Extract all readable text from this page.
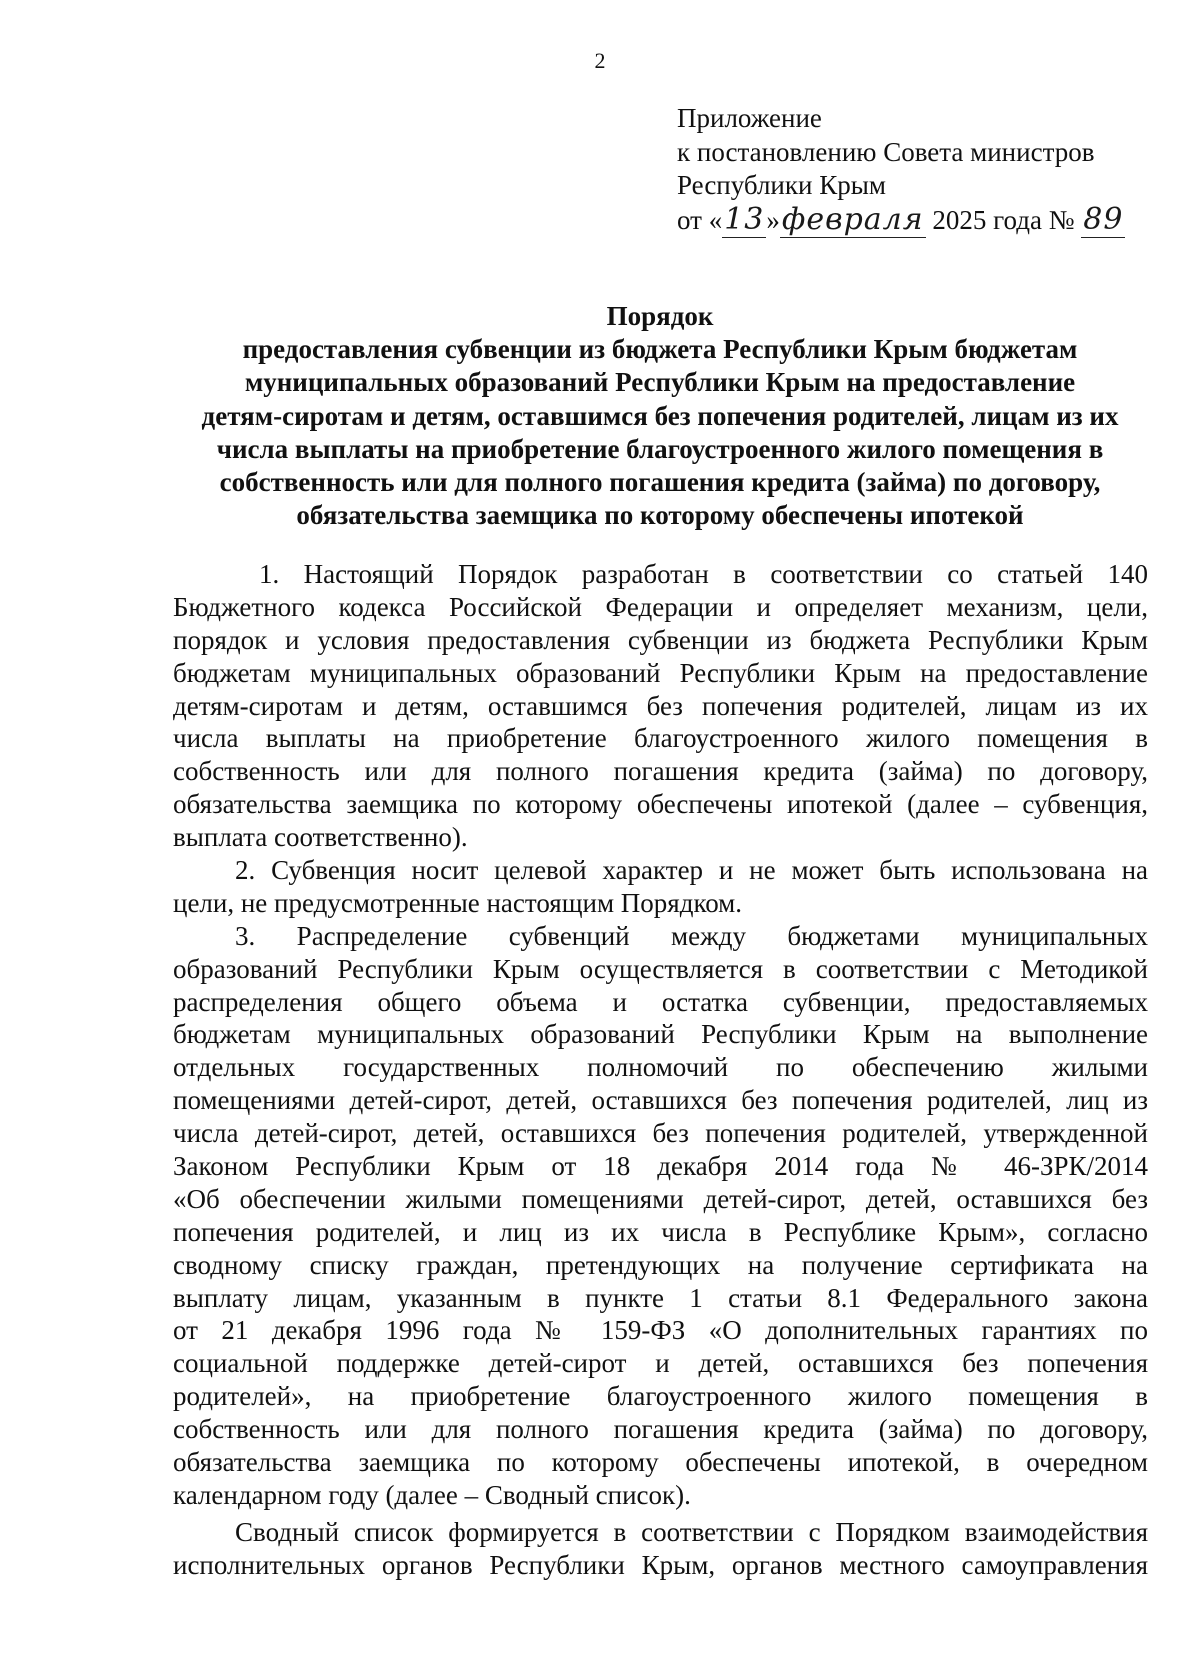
2
Приложение
к постановлению Совета министров
Республики Крым
от «13»февраля 2025 года № 89
Порядок
предоставления субвенции из бюджета Республики Крым бюджетам
муниципальных образований Республики Крым на предоставление
детям-сиротам и детям, оставшимся без попечения родителей, лицам из их
числа выплаты на приобретение благоустроенного жилого помещения в
собственность или для полного погашения кредита (займа) по договору,
обязательства заемщика по которому обеспечены ипотекой
1. Настоящий Порядок разработан в соответствии со статьей 140
Бюджетного кодекса Российской Федерации и определяет механизм, цели,
порядок и условия предоставления субвенции из бюджета Республики Крым
бюджетам муниципальных образований Республики Крым на предоставление
детям-сиротам и детям, оставшимся без попечения родителей, лицам из их
числа выплаты на приобретение благоустроенного жилого помещения в
собственность или для полного погашения кредита (займа) по договору,
обязательства заемщика по которому обеспечены ипотекой (далее – субвенция,
выплата соответственно).
2. Субвенция носит целевой характер и не может быть использована на
цели, не предусмотренные настоящим Порядком.
3. Распределение субвенций между бюджетами муниципальных
образований Республики Крым осуществляется в соответствии с Методикой
распределения общего объема и остатка субвенции, предоставляемых
бюджетам муниципальных образований Республики Крым на выполнение
отдельных государственных полномочий по обеспечению жилыми
помещениями детей-сирот, детей, оставшихся без попечения родителей, лиц из
числа детей-сирот, детей, оставшихся без попечения родителей, утвержденной
Законом Республики Крым от 18 декабря 2014 года № 46-ЗРК/2014
«Об обеспечении жилыми помещениями детей-сирот, детей, оставшихся без
попечения родителей, и лиц из их числа в Республике Крым», согласно
сводному списку граждан, претендующих на получение сертификата на
выплату лицам, указанным в пункте 1 статьи 8.1 Федерального закона
от 21 декабря 1996 года № 159-ФЗ «О дополнительных гарантиях по
социальной поддержке детей-сирот и детей, оставшихся без попечения
родителей», на приобретение благоустроенного жилого помещения в
собственность или для полного погашения кредита (займа) по договору,
обязательства заемщика по которому обеспечены ипотекой, в очередном
календарном году (далее – Сводный список).
Сводный список формируется в соответствии с Порядком взаимодействия
исполнительных органов Республики Крым, органов местного самоуправления
